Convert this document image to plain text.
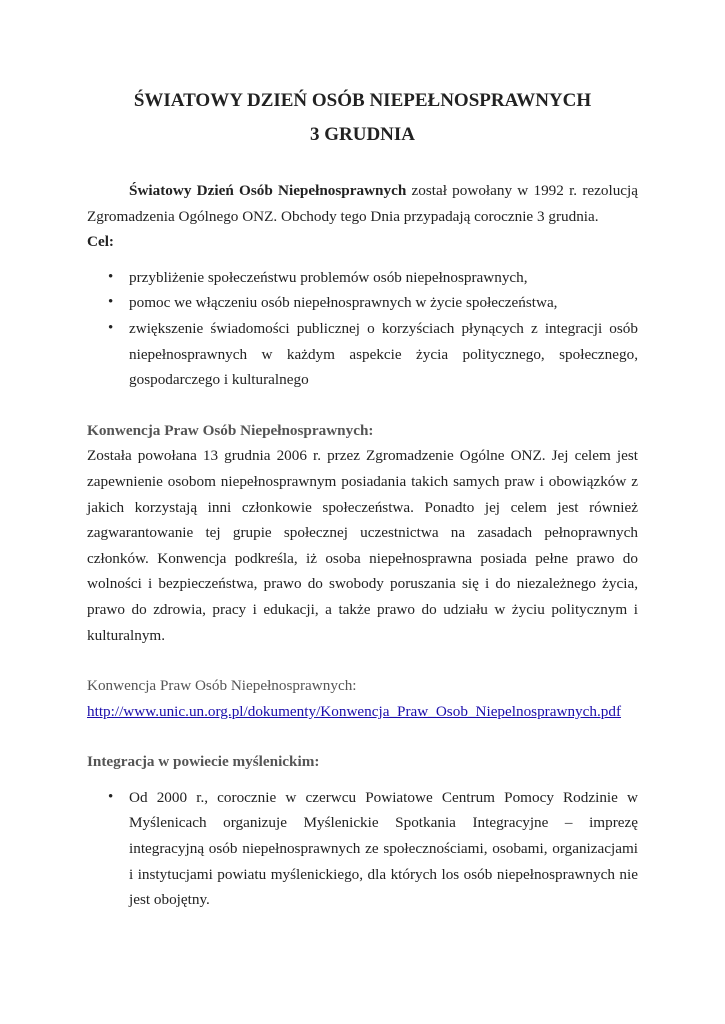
ŚWIATOWY DZIEŃ OSÓB NIEPEŁNOSPRAWNYCH
3 GRUDNIA

Światowy Dzień Osób Niepełnosprawnych został powołany w 1992 r. rezolucją Zgromadzenia Ogólnego ONZ. Obchody tego Dnia przypadają corocznie 3 grudnia.

Cel:

• przybliżenie społeczeństwu problemów osób niepełnosprawnych,
• pomoc we włączeniu osób niepełnosprawnych w życie społeczeństwa,
• zwiększenie świadomości publicznej o korzyściach płynących z integracji osób niepełnosprawnych w każdym aspekcie życia politycznego, społecznego, gospodarczego i kulturalnego

Konwencja Praw Osób Niepełnosprawnych:

Została powołana 13 grudnia 2006 r. przez Zgromadzenie Ogólne ONZ. Jej celem jest zapewnienie osobom niepełnosprawnym posiadania takich samych praw i obowiązków z jakich korzystają inni członkowie społeczeństwa. Ponadto jej celem jest również zagwarantowanie tej grupie społecznej uczestnictwa na zasadach pełnoprawnych członków. Konwencja podkreśla, iż osoba niepełnosprawna posiada pełne prawo do wolności i bezpieczeństwa, prawo do swobody poruszania się i do niezależnego życia, prawo do zdrowia, pracy i edukacji, a także prawo do udziału w życiu politycznym i kulturalnym.

Konwencja Praw Osób Niepełnosprawnych:

http://www.unic.un.org.pl/dokumenty/Konwencja_Praw_Osob_Niepelnosprawnych.pdf

Integracja w powiecie myślenickim:

• Od 2000 r., corocznie w czerwcu Powiatowe Centrum Pomocy Rodzinie w Myślenicach organizuje Myślenickie Spotkania Integracyjne – imprezę integracyjną osób niepełnosprawnych ze społecznościami, osobami, organizacjami i instytucjami powiatu myślenickiego, dla których los osób niepełnosprawnych nie jest obojętny.
